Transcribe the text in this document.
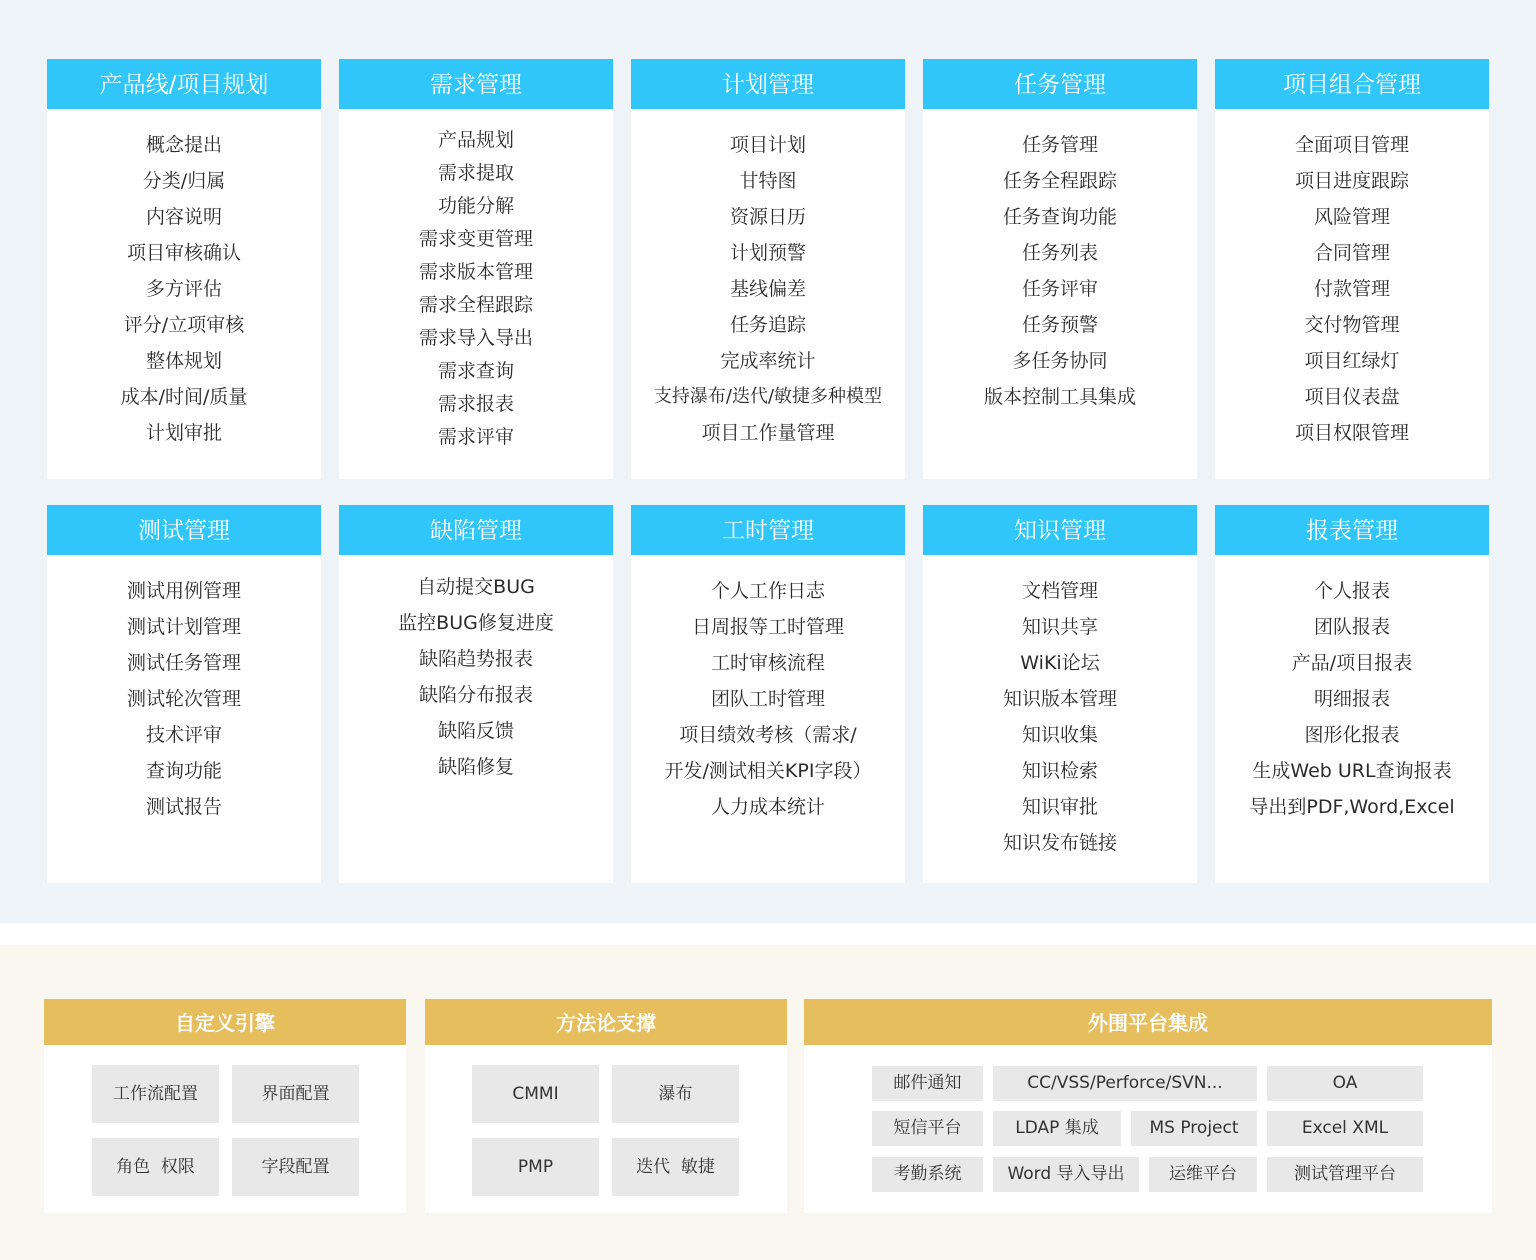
产品线/项目规划
概念提出
分类/归属
内容说明
项目审核确认
多方评估
评分/立项审核
整体规划
成本/时间/质量
计划审批
需求管理
产品规划
需求提取
功能分解
需求变更管理
需求版本管理
需求全程跟踪
需求导入导出
需求查询
需求报表
需求评审
计划管理
项目计划
甘特图
资源日历
计划预警
基线偏差
任务追踪
完成率统计
支持瀑布/迭代/敏捷多种模型
项目工作量管理
任务管理
任务管理
任务全程跟踪
任务查询功能
任务列表
任务评审
任务预警
多任务协同
版本控制工具集成
项目组合管理
全面项目管理
项目进度跟踪
风险管理
合同管理
付款管理
交付物管理
项目红绿灯
项目仪表盘
项目权限管理
测试管理
测试用例管理
测试计划管理
测试任务管理
测试轮次管理
技术评审
查询功能
测试报告
缺陷管理
自动提交BUG
监控BUG修复进度
缺陷趋势报表
缺陷分布报表
缺陷反馈
缺陷修复
工时管理
个人工作日志
日周报等工时管理
工时审核流程
团队工时管理
项目绩效考核（需求/
开发/测试相关KPI字段）
人力成本统计
知识管理
文档管理
知识共享
WiKi论坛
知识版本管理
知识收集
知识检索
知识审批
知识发布链接
报表管理
个人报表
团队报表
产品/项目报表
明细报表
图形化报表
生成Web URL查询报表
导出到PDF,Word,Excel
自定义引擎
工作流配置	界面配置
角色  权限	字段配置
方法论支撑
CMMI	瀑布
PMP	迭代  敏捷
外围平台集成
邮件通知	CC/VSS/Perforce/SVN...	OA
短信平台	LDAP 集成	MS Project	Excel XML
考勤系统	Word 导入导出	运维平台	测试管理平台
